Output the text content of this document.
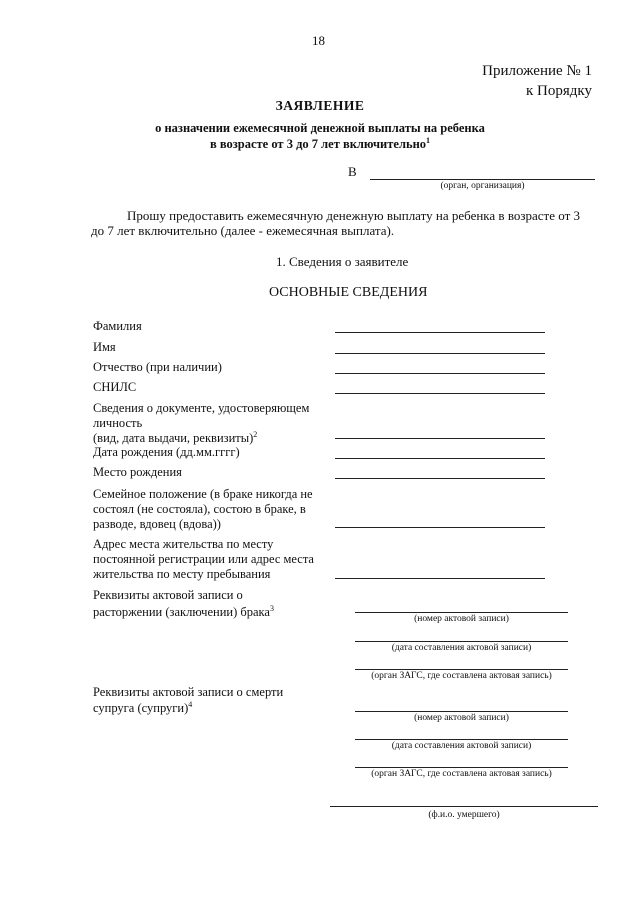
18
Приложение № 1
к Порядку
ЗАЯВЛЕНИЕ
о назначении ежемесячной денежной выплаты на ребенка
в возрасте от 3 до 7 лет включительно$^1$
В
(орган, организация)
Прошу предоставить ежемесячную денежную выплату на ребенка в возрасте от 3
до 7 лет включительно (далее - ежемесячная выплата).
1. Сведения о заявителе
ОСНОВНЫЕ СВЕДЕНИЯ
Фамилия
Имя
Отчество (при наличии)
СНИЛС
Сведения о документе, удостоверяющем
личность
(вид, дата выдачи, реквизиты)$^2$
Дата рождения (дд.мм.гггг)
Место рождения
Семейное положение (в браке никогда не
состоял (не состояла), состою в браке, в
разводе, вдовец (вдова))
Адрес места жительства по месту
постоянной регистрации или адрес места
жительства по месту пребывания
Реквизиты актовой записи о
расторжении (заключении) брака$^3$
(номер актовой записи)
(дата составления актовой записи)
(орган ЗАГС, где составлена актовая запись)
Реквизиты актовой записи о смерти
супруга (супруги)$^4$
(номер актовой записи)
(дата составления актовой записи)
(орган ЗАГС, где составлена актовая запись)
(ф.и.о. умершего)
